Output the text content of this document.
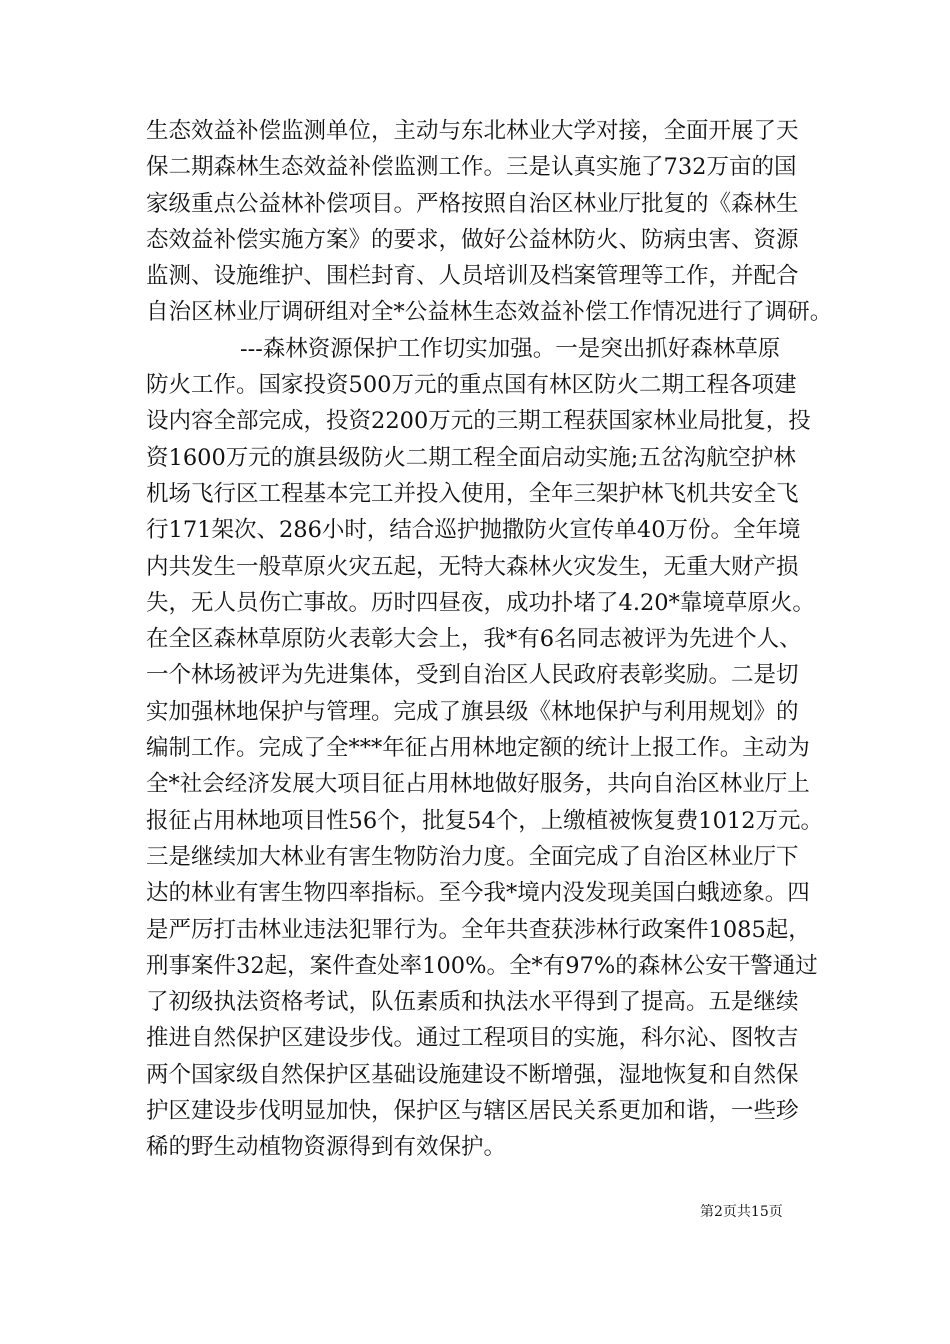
生态效益补偿监测单位，主动与东北林业大学对接，全面开展了天
保二期森林生态效益补偿监测工作。三是认真实施了732万亩的国
家级重点公益林补偿项目。严格按照自治区林业厅批复的《森林生
态效益补偿实施方案》的要求，做好公益林防火、防病虫害、资源
监测、设施维护、围栏封育、人员培训及档案管理等工作，并配合
自治区林业厅调研组对全*公益林生态效益补偿工作情况进行了调研。
---森林资源保护工作切实加强。一是突出抓好森林草原
防火工作。国家投资500万元的重点国有林区防火二期工程各项建
设内容全部完成，投资2200万元的三期工程获国家林业局批复，投
资1600万元的旗县级防火二期工程全面启动实施;五岔沟航空护林
机场飞行区工程基本完工并投入使用，全年三架护林飞机共安全飞
行171架次、286小时，结合巡护抛撒防火宣传单40万份。全年境
内共发生一般草原火灾五起，无特大森林火灾发生，无重大财产损
失，无人员伤亡事故。历时四昼夜，成功扑堵了4.20*靠境草原火。
在全区森林草原防火表彰大会上，我*有6名同志被评为先进个人、
一个林场被评为先进集体，受到自治区人民政府表彰奖励。二是切
实加强林地保护与管理。完成了旗县级《林地保护与利用规划》的
编制工作。完成了全***年征占用林地定额的统计上报工作。主动为
全*社会经济发展大项目征占用林地做好服务，共向自治区林业厅上
报征占用林地项目性56个，批复54个，上缴植被恢复费1012万元。
三是继续加大林业有害生物防治力度。全面完成了自治区林业厅下
达的林业有害生物四率指标。至今我*境内没发现美国白蛾迹象。四
是严厉打击林业违法犯罪行为。全年共查获涉林行政案件1085起，
刑事案件32起，案件查处率100%。全*有97%的森林公安干警通过
了初级执法资格考试，队伍素质和执法水平得到了提高。五是继续
推进自然保护区建设步伐。通过工程项目的实施，科尔沁、图牧吉
两个国家级自然保护区基础设施建设不断增强，湿地恢复和自然保
护区建设步伐明显加快，保护区与辖区居民关系更加和谐，一些珍
稀的野生动植物资源得到有效保护。
第2页共15页
